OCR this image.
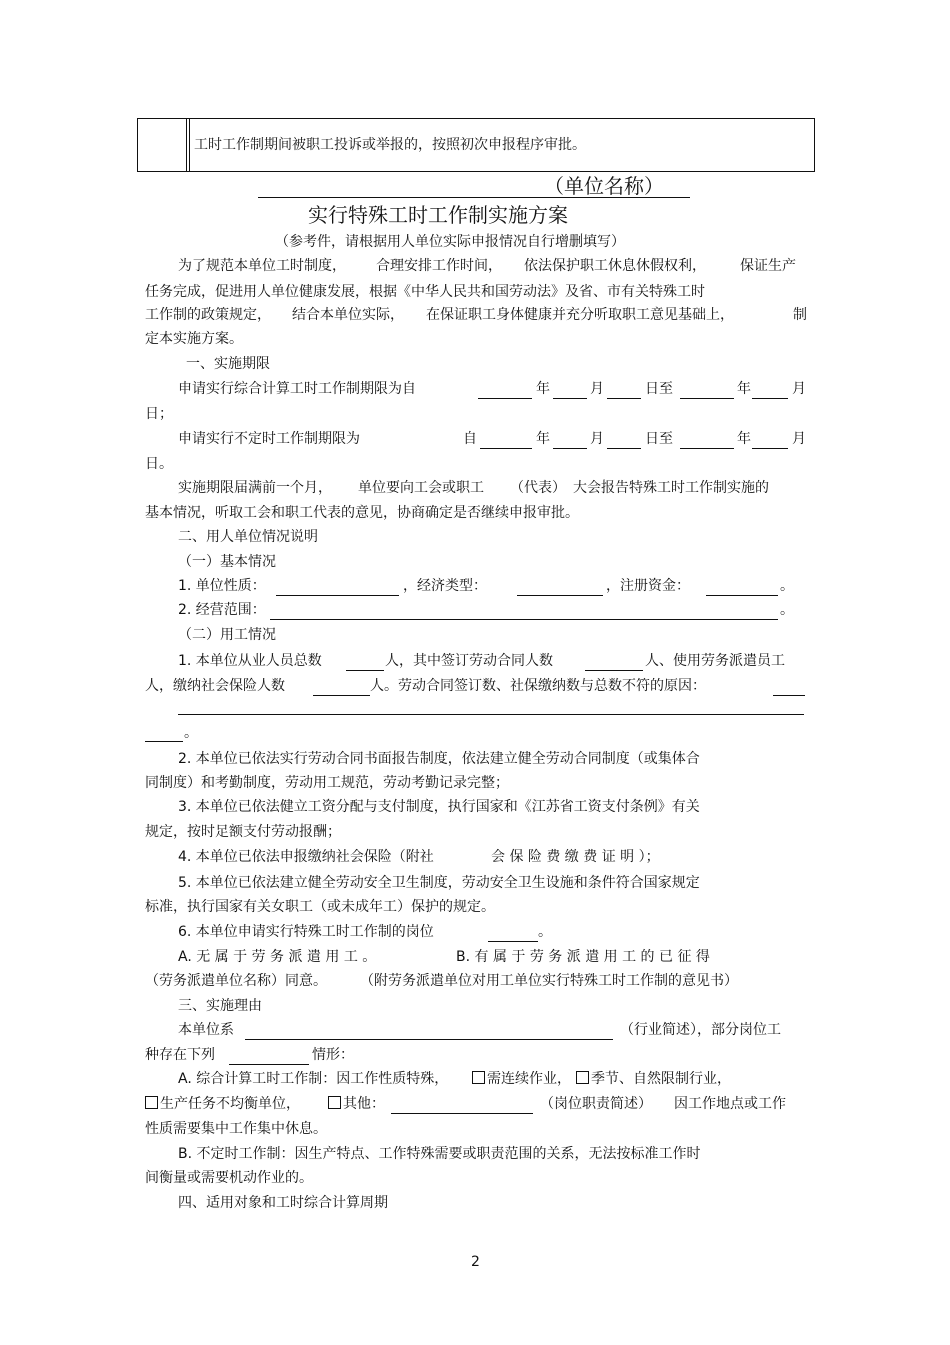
工时工作制期间被职工投诉或举报的，按照初次申报程序审批。
（单位名称）
实行特殊工时工作制实施方案
（参考件，请根据用人单位实际申报情况自行增删填写）
为了规范本单位工时制度， 合理安排工作时间， 依法保护职工休息休假权利， 保证生产
任务完成，促进用人单位健康发展，根据《中华人民共和国劳动法》及省、市有关特殊工时
工作制的政策规定， 结合本单位实际， 在保证职工身体健康并充分听取职工意见基础上，	制
定本实施方案。
一、实施期限
申请实行综合计算工时工作制期限为自	年	月	日至	年	月
日；
申请实行不定时工作制期限为	自	年	月	日至	年	月
日。
实施期限届满前一个月， 单位要向工会或职工 （代表） 大会报告特殊工时工作制实施的
基本情况，听取工会和职工代表的意见，协商确定是否继续申报审批。
二、用人单位情况说明
（一）基本情况
1. 单位性质：	，经济类型：	，注册资金：	。
2. 经营范围：	。
（二）用工情况
1. 本单位从业人员总数	人，其中签订劳动合同人数	人、使用劳务派遣员工
人，缴纳社会保险人数	人。劳动合同签订数、社保缴纳数与总数不符的原因：
。
2. 本单位已依法实行劳动合同书面报告制度，依法建立健全劳动合同制度（或集体合
同制度）和考勤制度，劳动用工规范，劳动考勤记录完整；
3. 本单位已依法健立工资分配与支付制度，执行国家和《江苏省工资支付条例》有关
规定，按时足额支付劳动报酬；
4. 本单位已依法申报缴纳社会保险（附社	会 保 险 费 缴 费 证 明 ）；
5. 本单位已依法建立健全劳动安全卫生制度，劳动安全卫生设施和条件符合国家规定
标准，执行国家有关女职工（或未成年工）保护的规定。
6. 本单位申请实行特殊工时工作制的岗位	。
A. 无 属 于 劳 务 派 遣 用 工 。	B. 有 属 于 劳 务 派 遣 用 工 的 已 征 得
（劳务派遣单位名称）同意。 （附劳务派遣单位对用工单位实行特殊工时工作制的意见书）
三、实施理由
本单位系	（行业简述），部分岗位工
种存在下列	情形：
A. 综合计算工时工作制：因工作性质特殊，	需连续作业，	季节、自然限制行业，
生产任务不均衡单位，	其他：	（岗位职责简述） 因工作地点或工作
性质需要集中工作集中休息。
B. 不定时工作制：因生产特点、工作特殊需要或职责范围的关系，无法按标准工作时
间衡量或需要机动作业的。
四、适用对象和工时综合计算周期
2
